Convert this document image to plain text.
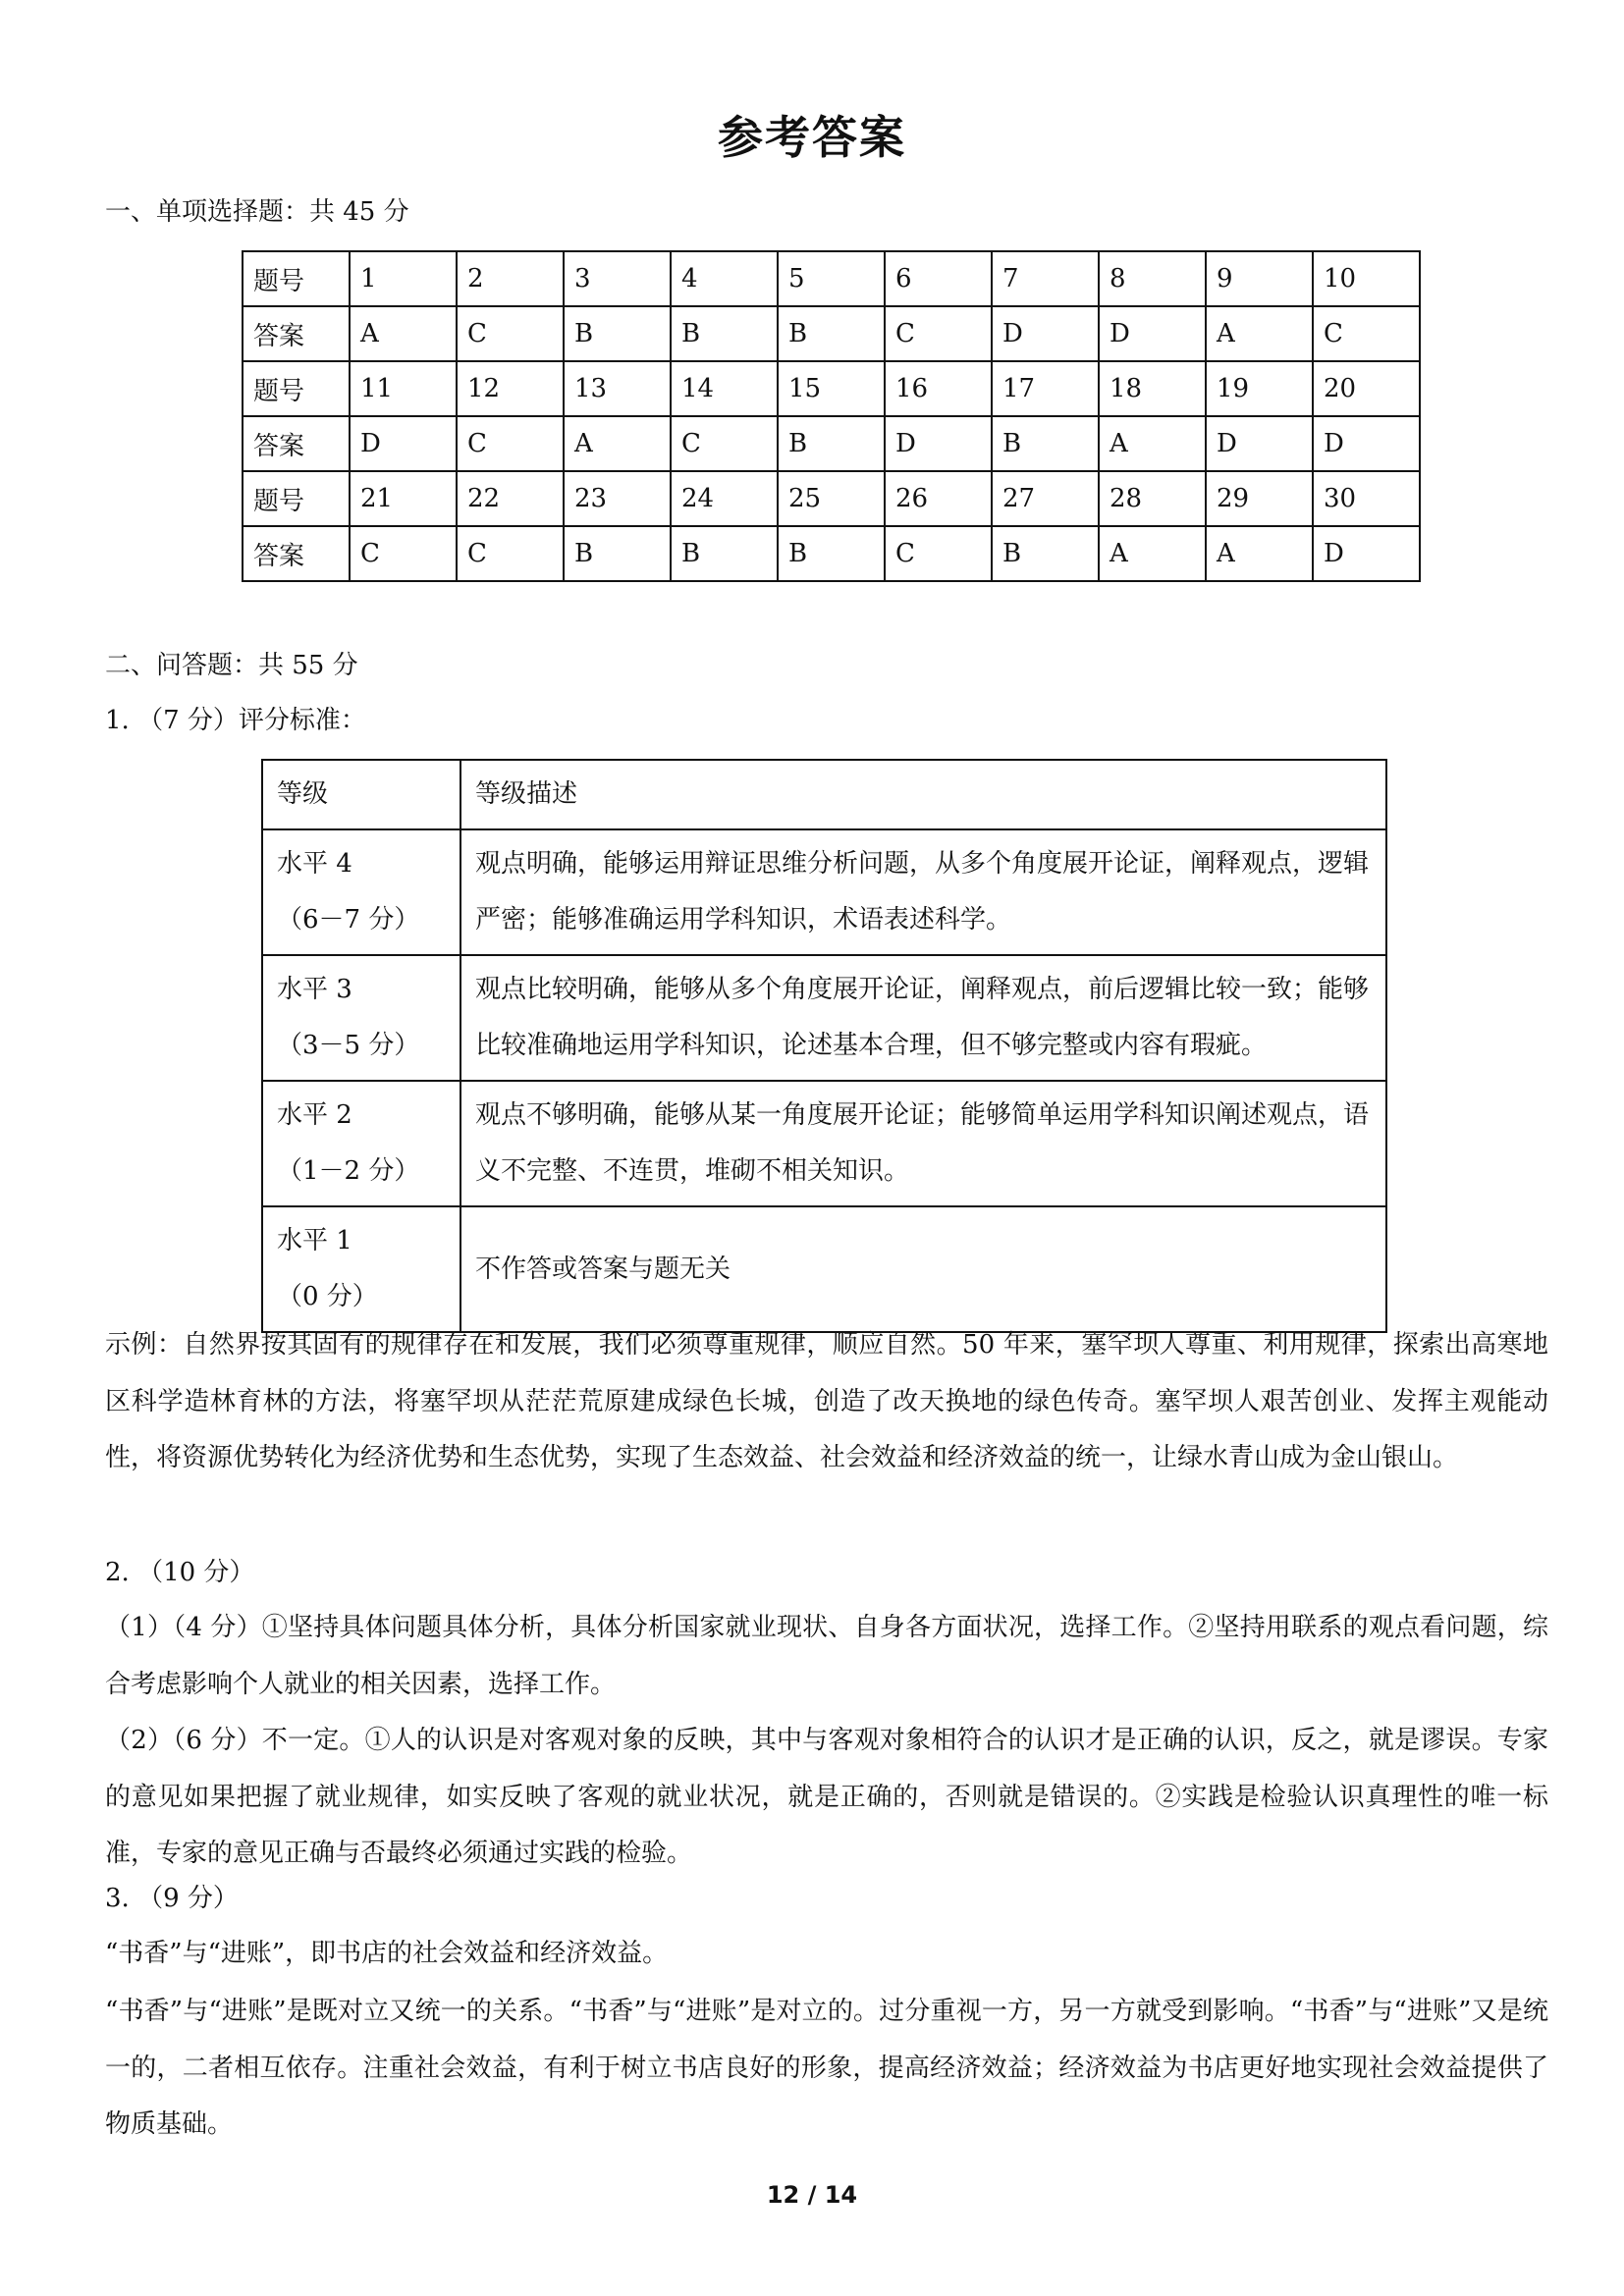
参考答案
一、单项选择题：共 45 分
题号	1	2	3	4	5	6	7	8	9	10
答案	A	C	B	B	B	C	D	D	A	C
题号	11	12	13	14	15	16	17	18	19	20
答案	D	C	A	C	B	D	B	A	D	D
题号	21	22	23	24	25	26	27	28	29	30
答案	C	C	B	B	B	C	B	A	A	D
二、问答题：共 55 分
1. （7 分）评分标准：
等级	等级描述

水平 4
（6－7 分）	观点明确，能够运用辩证思维分析问题，从多个角度展开论证，阐释观点，逻辑严密；能够准确运用学科知识，术语表述科学。

水平 3
（3－5 分）	观点比较明确，能够从多个角度展开论证，阐释观点，前后逻辑比较一致；能够比较准确地运用学科知识，论述基本合理，但不够完整或内容有瑕疵。

水平 2
（1－2 分）	观点不够明确，能够从某一角度展开论证；能够简单运用学科知识阐述观点，语义不完整、不连贯，堆砌不相关知识。

水平 1
（0 分）	不作答或答案与题无关
示例：自然界按其固有的规律存在和发展，我们必须尊重规律，顺应自然。50 年来，塞罕坝人尊重、利用规律，探索出高寒地区科学造林育林的方法，将塞罕坝从茫茫荒原建成绿色长城，创造了改天换地的绿色传奇。塞罕坝人艰苦创业、发挥主观能动性，将资源优势转化为经济优势和生态优势，实现了生态效益、社会效益和经济效益的统一，让绿水青山成为金山银山。
2. （10 分）
（1）（4 分）①坚持具体问题具体分析，具体分析国家就业现状、自身各方面状况，选择工作。②坚持用联系的观点看问题，综合考虑影响个人就业的相关因素，选择工作。
（2）（6 分）不一定。①人的认识是对客观对象的反映，其中与客观对象相符合的认识才是正确的认识，反之，就是谬误。专家的意见如果把握了就业规律，如实反映了客观的就业状况，就是正确的，否则就是错误的。②实践是检验认识真理性的唯一标准，专家的意见正确与否最终必须通过实践的检验。
3. （9 分）
“书香”与“进账”，即书店的社会效益和经济效益。
“书香”与“进账”是既对立又统一的关系。“书香”与“进账”是对立的。过分重视一方，另一方就受到影响。“书香”与“进账”又是统一的，二者相互依存。注重社会效益，有利于树立书店良好的形象，提高经济效益；经济效益为书店更好地实现社会效益提供了物质基础。
12 / 14
